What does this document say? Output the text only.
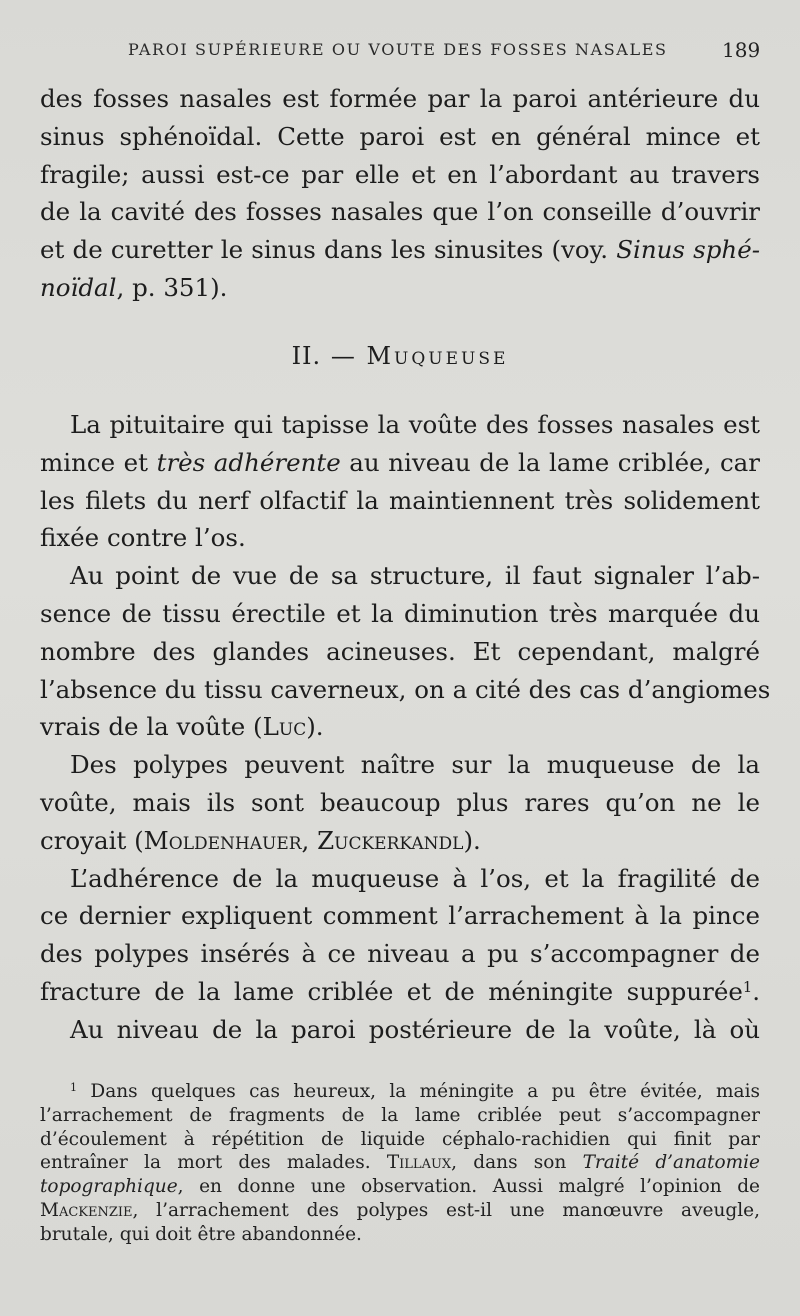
PAROI SUPÉRIEURE OU VOUTE DES FOSSES NASALES	189
des fosses nasales est formée par la paroi antérieure du
sinus sphénoïdal. Cette paroi est en général mince et
fragile; aussi est-ce par elle et en l’abordant au travers
de la cavité des fosses nasales que l’on conseille d’ouvrir
et de curetter le sinus dans les sinusites (voy. Sinus sphé-
noïdal, p. 351).
II. — Muqueuse
La pituitaire qui tapisse la voûte des fosses nasales est
mince et très adhérente au niveau de la lame criblée, car
les filets du nerf olfactif la maintiennent très solidement
fixée contre l’os.
Au point de vue de sa structure, il faut signaler l’ab-
sence de tissu érectile et la diminution très marquée du
nombre des glandes acineuses. Et cependant, malgré
l’absence du tissu caverneux, on a cité des cas d’angiomes
vrais de la voûte (Luc).
Des polypes peuvent naître sur la muqueuse de la
voûte, mais ils sont beaucoup plus rares qu’on ne le
croyait (Moldenhauer, Zuckerkandl).
L’adhérence de la muqueuse à l’os, et la fragilité de
ce dernier expliquent comment l’arrachement à la pince
des polypes insérés à ce niveau a pu s’accompagner de
fracture de la lame criblée et de méningite suppurée$^1$.
Au niveau de la paroi postérieure de la voûte, là où
$^1$ Dans quelques cas heureux, la méningite a pu être évitée, mais
l’arrachement de fragments de la lame criblée peut s’accompagner
d’écoulement à répétition de liquide céphalo-rachidien qui finit par
entraîner la mort des malades. Tillaux, dans son Traité d’anatomie
topographique, en donne une observation. Aussi malgré l’opinion de
Mackenzie, l’arrachement des polypes est-il une manœuvre aveugle,
brutale, qui doit être abandonnée.
